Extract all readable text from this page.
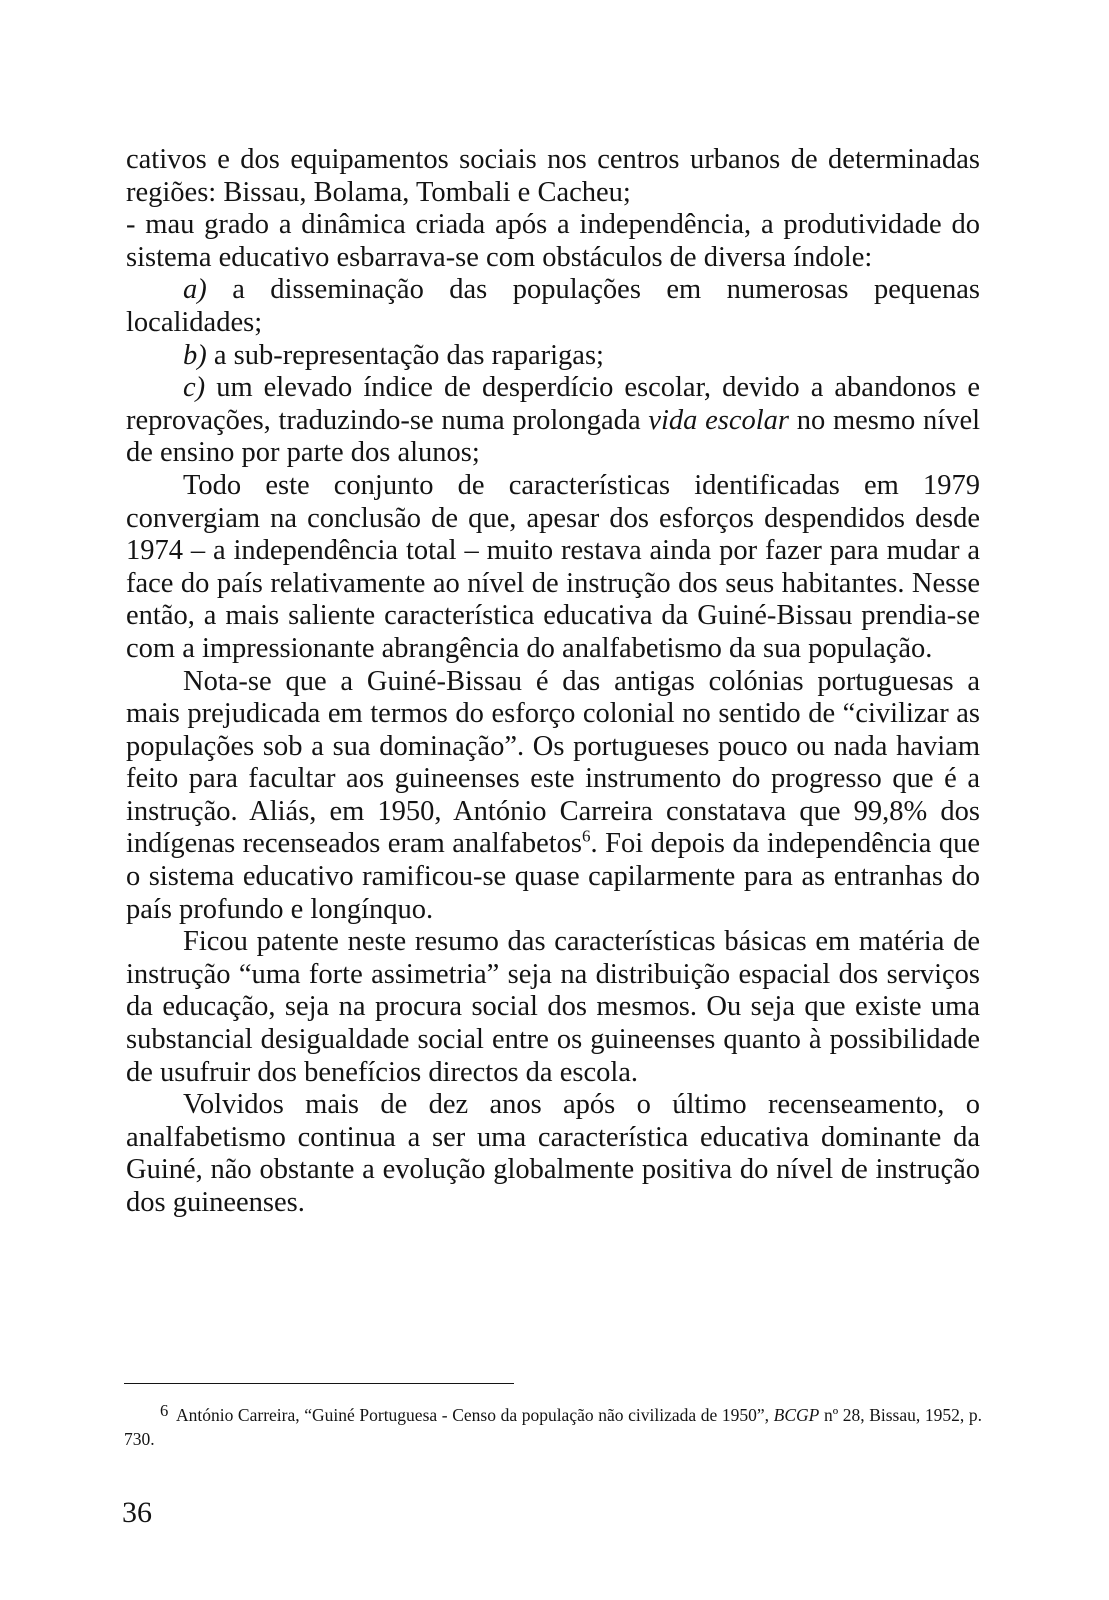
cativos e dos equipamentos sociais nos centros urbanos de determinadas regiões: Bissau, Bolama, Tombali e Cacheu;

- mau grado a dinâmica criada após a independência, a produtividade do sistema educativo esbarrava-se com obstáculos de diversa índole:

a) a disseminação das populações em numerosas pequenas localidades;

b) a sub-representação das raparigas;

c) um elevado índice de desperdício escolar, devido a abandonos e reprovações, traduzindo-se numa prolongada vida escolar no mesmo nível de ensino por parte dos alunos;

Todo este conjunto de características identificadas em 1979 convergiam na conclusão de que, apesar dos esforços despendidos desde 1974 – a independência total – muito restava ainda por fazer para mudar a face do país relativamente ao nível de instrução dos seus habitantes. Nesse então, a mais saliente característica educativa da Guiné-Bissau prendia-se com a impressionante abrangência do analfabetismo da sua população.

Nota-se que a Guiné-Bissau é das antigas colónias portuguesas a mais prejudicada em termos do esforço colonial no sentido de “civilizar as populações sob a sua dominação”. Os portugueses pouco ou nada haviam feito para facultar aos guineenses este instrumento do progresso que é a instrução. Aliás, em 1950, António Carreira constatava que 99,8% dos indígenas recenseados eram analfabetos$^6$. Foi depois da independência que o sistema educativo ramificou-se quase capilarmente para as entranhas do país profundo e longínquo.

Ficou patente neste resumo das características básicas em matéria de instrução “uma forte assimetria” seja na distribuição espacial dos serviços da educação, seja na procura social dos mesmos. Ou seja que existe uma substancial desigualdade social entre os guineenses quanto à possibilidade de usufruir dos benefícios directos da escola.

Volvidos mais de dez anos após o último recenseamento, o analfabetismo continua a ser uma característica educativa dominante da Guiné, não obstante a evolução globalmente positiva do nível de instrução dos guineenses.

$^6$ António Carreira, “Guiné Portuguesa - Censo da população não civilizada de 1950”, BCGP nº 28, Bissau, 1952, p. 730.
36
